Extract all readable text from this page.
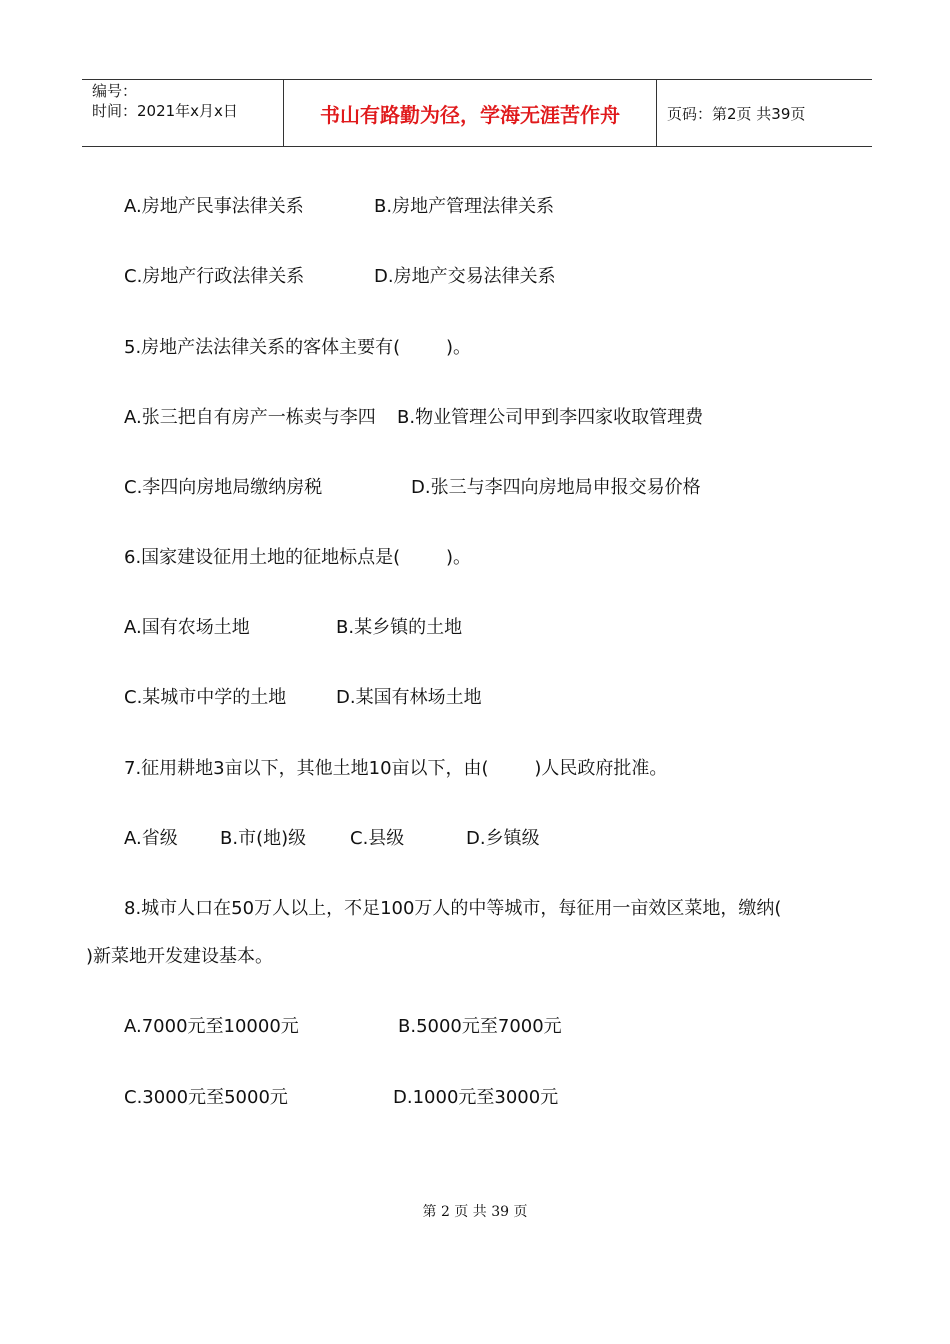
编号：
时间：2021年x月x日	书山有路勤为径，学海无涯苦作舟	页码：第2页 共39页
A.房地产民事法律关系	B.房地产管理法律关系
C.房地产行政法律关系	D.房地产交易法律关系
5.房地产法法律关系的客体主要有(        )。
A.张三把自有房产一栋卖与李四 B.物业管理公司甲到李四家收取管理费
C.李四向房地局缴纳房税	D.张三与李四向房地局申报交易价格
6.国家建设征用土地的征地标点是(        )。
A.国有农场土地	B.某乡镇的土地
C.某城市中学的土地	D.某国有林场土地
7.征用耕地3亩以下，其他土地10亩以下，由(        )人民政府批准。
A.省级 B.市(地)级 C.县级	D.乡镇级
8.城市人口在50万人以上，不足100万人的中等城市，每征用一亩效区菜地，缴纳(
)新菜地开发建设基本。
A.7000元至10000元	B.5000元至7000元
C.3000元至5000元	D.1000元至3000元
第 2 页 共 39 页
